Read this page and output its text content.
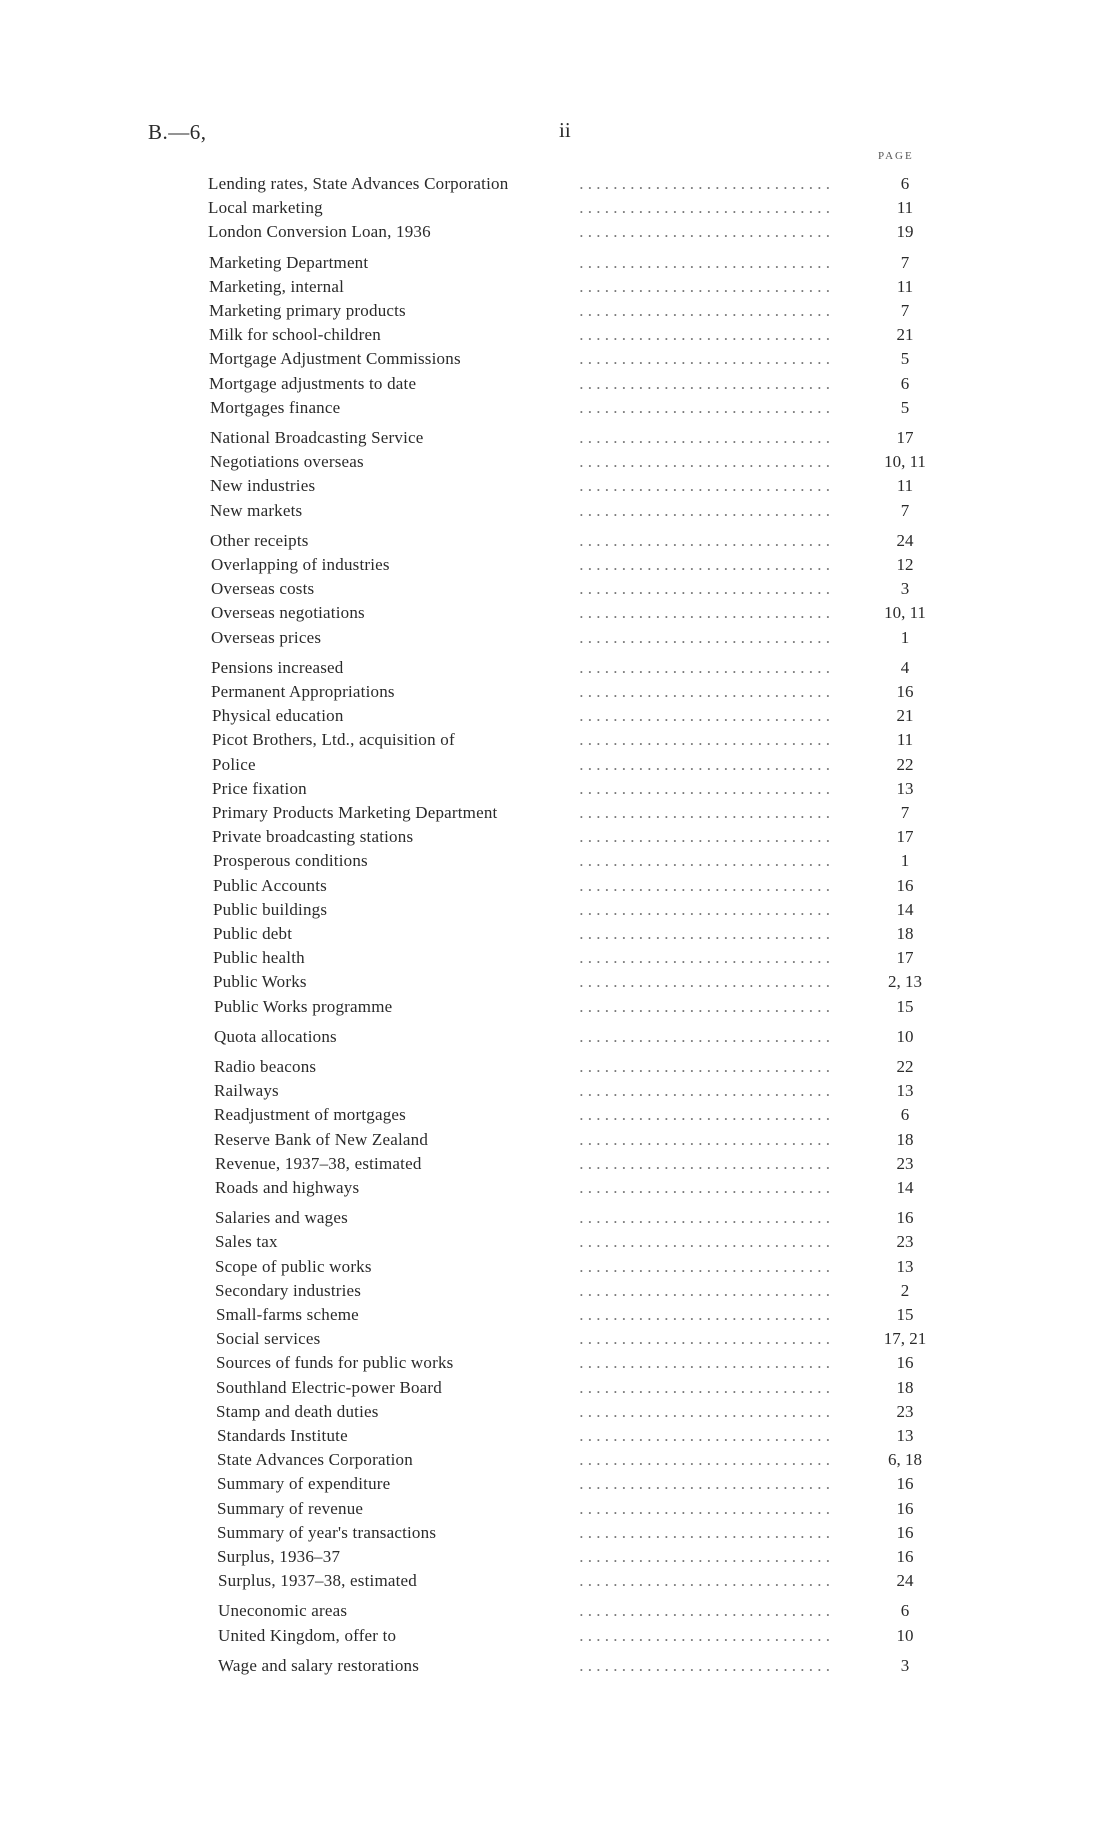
B.—6,	ii
PAGE
. . . . . . . . . . . . . . . . . . . . . . . . . . . . . .
Lending rates, State Advances Corporation	6
. . . . . . . . . . . . . . . . . . . . . . . . . . . . . .
Local marketing	11
. . . . . . . . . . . . . . . . . . . . . . . . . . . . . .
London Conversion Loan, 1936	19
. . . . . . . . . . . . . . . . . . . . . . . . . . . . . .
Marketing Department	7
. . . . . . . . . . . . . . . . . . . . . . . . . . . . . .
Marketing, internal	11
. . . . . . . . . . . . . . . . . . . . . . . . . . . . . .
Marketing primary products	7
. . . . . . . . . . . . . . . . . . . . . . . . . . . . . .
Milk for school-children	21
. . . . . . . . . . . . . . . . . . . . . . . . . . . . . .
Mortgage Adjustment Commissions	5
. . . . . . . . . . . . . . . . . . . . . . . . . . . . . .
Mortgage adjustments to date	6
. . . . . . . . . . . . . . . . . . . . . . . . . . . . . .
Mortgages finance	5
. . . . . . . . . . . . . . . . . . . . . . . . . . . . . .
National Broadcasting Service	17
. . . . . . . . . . . . . . . . . . . . . . . . . . . . . .
Negotiations overseas	10, 11
. . . . . . . . . . . . . . . . . . . . . . . . . . . . . .
New industries	11
. . . . . . . . . . . . . . . . . . . . . . . . . . . . . .
New markets	7
. . . . . . . . . . . . . . . . . . . . . . . . . . . . . .
Other receipts	24
. . . . . . . . . . . . . . . . . . . . . . . . . . . . . .
Overlapping of industries	12
. . . . . . . . . . . . . . . . . . . . . . . . . . . . . .
Overseas costs	3
. . . . . . . . . . . . . . . . . . . . . . . . . . . . . .
Overseas negotiations	10, 11
. . . . . . . . . . . . . . . . . . . . . . . . . . . . . .
Overseas prices	1
. . . . . . . . . . . . . . . . . . . . . . . . . . . . . .
Pensions increased	4
. . . . . . . . . . . . . . . . . . . . . . . . . . . . . .
Permanent Appropriations	16
. . . . . . . . . . . . . . . . . . . . . . . . . . . . . .
Physical education	21
. . . . . . . . . . . . . . . . . . . . . . . . . . . . . .
Picot Brothers, Ltd., acquisition of	11
. . . . . . . . . . . . . . . . . . . . . . . . . . . . . .
Police	22
. . . . . . . . . . . . . . . . . . . . . . . . . . . . . .
Price fixation	13
. . . . . . . . . . . . . . . . . . . . . . . . . . . . . .
Primary Products Marketing Department	7
. . . . . . . . . . . . . . . . . . . . . . . . . . . . . .
Private broadcasting stations	17
. . . . . . . . . . . . . . . . . . . . . . . . . . . . . .
Prosperous conditions	1
. . . . . . . . . . . . . . . . . . . . . . . . . . . . . .
Public Accounts	16
. . . . . . . . . . . . . . . . . . . . . . . . . . . . . .
Public buildings	14
. . . . . . . . . . . . . . . . . . . . . . . . . . . . . .
Public debt	18
. . . . . . . . . . . . . . . . . . . . . . . . . . . . . .
Public health	17
. . . . . . . . . . . . . . . . . . . . . . . . . . . . . .
Public Works	2, 13
. . . . . . . . . . . . . . . . . . . . . . . . . . . . . .
Public Works programme	15
. . . . . . . . . . . . . . . . . . . . . . . . . . . . . .
Quota allocations	10
. . . . . . . . . . . . . . . . . . . . . . . . . . . . . .
Radio beacons	22
. . . . . . . . . . . . . . . . . . . . . . . . . . . . . .
Railways	13
. . . . . . . . . . . . . . . . . . . . . . . . . . . . . .
Readjustment of mortgages	6
. . . . . . . . . . . . . . . . . . . . . . . . . . . . . .
Reserve Bank of New Zealand	18
. . . . . . . . . . . . . . . . . . . . . . . . . . . . . .
Revenue, 1937–38, estimated	23
. . . . . . . . . . . . . . . . . . . . . . . . . . . . . .
Roads and highways	14
. . . . . . . . . . . . . . . . . . . . . . . . . . . . . .
Salaries and wages	16
. . . . . . . . . . . . . . . . . . . . . . . . . . . . . .
Sales tax	23
. . . . . . . . . . . . . . . . . . . . . . . . . . . . . .
Scope of public works	13
. . . . . . . . . . . . . . . . . . . . . . . . . . . . . .
Secondary industries	2
. . . . . . . . . . . . . . . . . . . . . . . . . . . . . .
Small-farms scheme	15
. . . . . . . . . . . . . . . . . . . . . . . . . . . . . .
Social services	17, 21
. . . . . . . . . . . . . . . . . . . . . . . . . . . . . .
Sources of funds for public works	16
. . . . . . . . . . . . . . . . . . . . . . . . . . . . . .
Southland Electric-power Board	18
. . . . . . . . . . . . . . . . . . . . . . . . . . . . . .
Stamp and death duties	23
. . . . . . . . . . . . . . . . . . . . . . . . . . . . . .
Standards Institute	13
. . . . . . . . . . . . . . . . . . . . . . . . . . . . . .
State Advances Corporation	6, 18
. . . . . . . . . . . . . . . . . . . . . . . . . . . . . .
Summary of expenditure	16
. . . . . . . . . . . . . . . . . . . . . . . . . . . . . .
Summary of revenue	16
. . . . . . . . . . . . . . . . . . . . . . . . . . . . . .
Summary of year's transactions	16
. . . . . . . . . . . . . . . . . . . . . . . . . . . . . .
Surplus, 1936–37	16
. . . . . . . . . . . . . . . . . . . . . . . . . . . . . .
Surplus, 1937–38, estimated	24
. . . . . . . . . . . . . . . . . . . . . . . . . . . . . .
Uneconomic areas	6
. . . . . . . . . . . . . . . . . . . . . . . . . . . . . .
United Kingdom, offer to	10
. . . . . . . . . . . . . . . . . . . . . . . . . . . . . .
Wage and salary restorations	3
